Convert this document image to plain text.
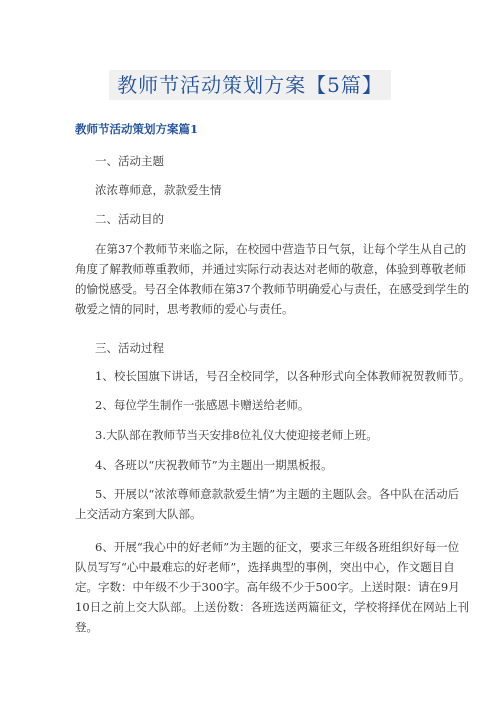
教师节活动策划方案【5篇】
教师节活动策划方案篇1
一、活动主题
浓浓尊师意，款款爱生情
二、活动目的
在第37个教师节来临之际，在校园中营造节日气氛，让每个学生从自己的
角度了解教师尊重教师，并通过实际行动表达对老师的敬意，体验到尊敬老师
的愉悦感受。号召全体教师在第37个教师节明确爱心与责任，在感受到学生的
敬爱之情的同时，思考教师的爱心与责任。
三、活动过程
1、校长国旗下讲话，号召全校同学，以各种形式向全体教师祝贺教师节。
2、每位学生制作一张感恩卡赠送给老师。
3.大队部在教师节当天安排8位礼仪大使迎接老师上班。
4、各班以“庆祝教师节”为主题出一期黑板报。
5、开展以“浓浓尊师意款款爱生情”为主题的主题队会。各中队在活动后
上交活动方案到大队部。
6、开展“我心中的好老师”为主题的征文，要求三年级各班组织好每一位
队员写写“心中最难忘的好老师”，选择典型的事例，突出中心，作文题目自
定。字数：中年级不少于300字。高年级不少于500字。上送时限：请在9月
10日之前上交大队部。上送份数：各班选送两篇征文，学校将择优在网站上刊
登。
